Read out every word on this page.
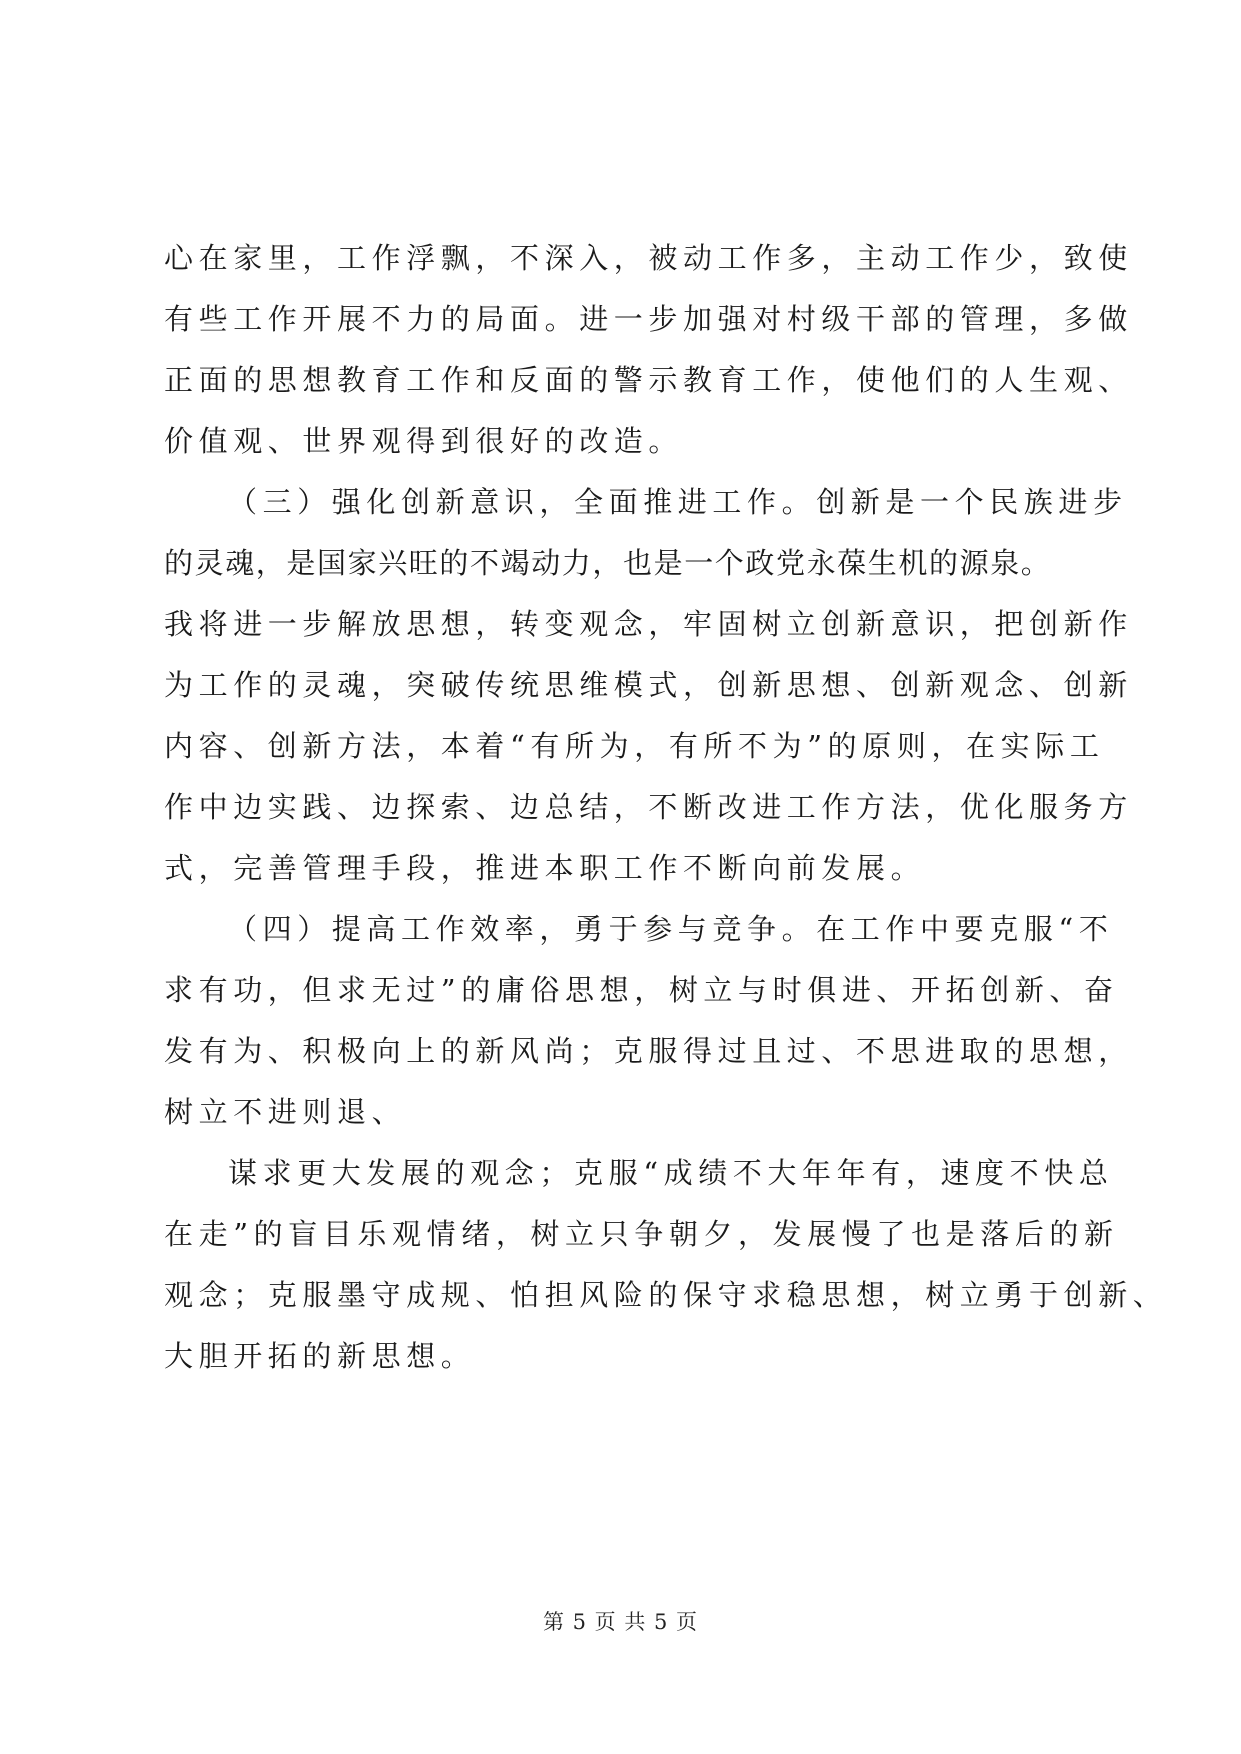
心在家里，工作浮飘，不深入，被动工作多，主动工作少，致使
有些工作开展不力的局面。进一步加强对村级干部的管理，多做
正面的思想教育工作和反面的警示教育工作，使他们的人生观、
价值观、世界观得到很好的改造。
（三）强化创新意识，全面推进工作。创新是一个民族进步
的灵魂，是国家兴旺的不竭动力，也是一个政党永葆生机的源泉。
我将进一步解放思想，转变观念，牢固树立创新意识，把创新作
为工作的灵魂，突破传统思维模式，创新思想、创新观念、创新
内容、创新方法，本着“有所为，有所不为”的原则，在实际工
作中边实践、边探索、边总结，不断改进工作方法，优化服务方
式，完善管理手段，推进本职工作不断向前发展。
（四）提高工作效率，勇于参与竞争。在工作中要克服“不
求有功，但求无过”的庸俗思想，树立与时俱进、开拓创新、奋
发有为、积极向上的新风尚；克服得过且过、不思进取的思想，
树立不进则退、
谋求更大发展的观念；克服“成绩不大年年有，速度不快总
在走”的盲目乐观情绪，树立只争朝夕，发展慢了也是落后的新
观念；克服墨守成规、怕担风险的保守求稳思想，树立勇于创新、
大胆开拓的新思想。
第 5 页 共 5 页
